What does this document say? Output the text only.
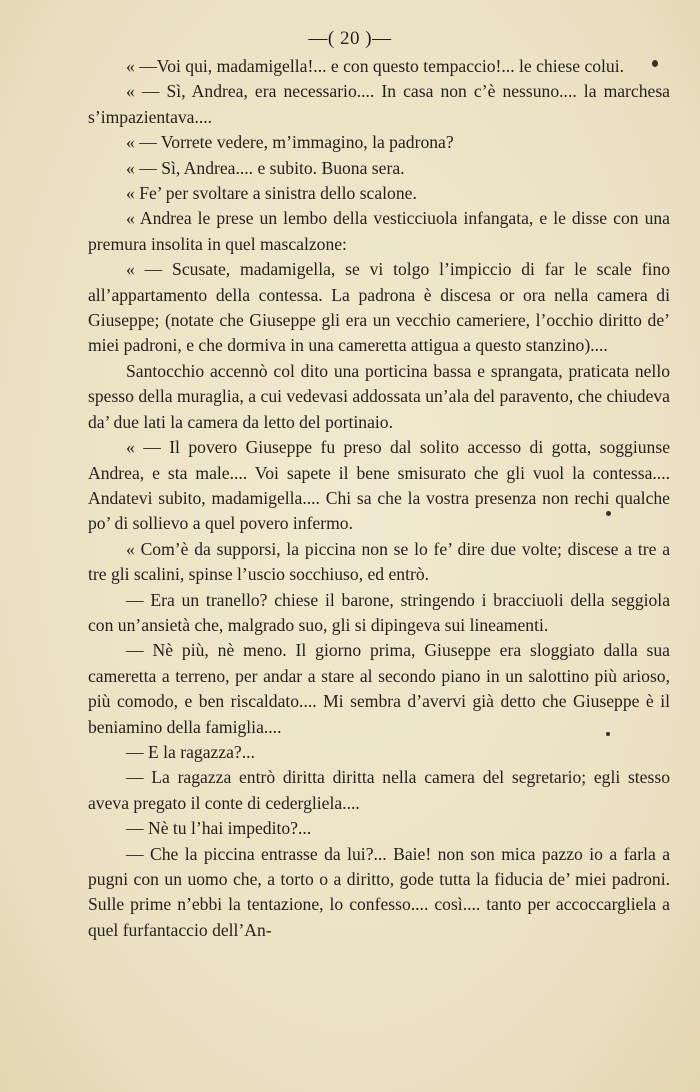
—( 20 )—

« —Voi qui, madamigella!... e con questo tempaccio!... le chiese colui.

« — Sì, Andrea, era necessario.... In casa non c’è nessuno.... la marchesa s’impazientava....

« — Vorrete vedere, m’immagino, la padrona?

« — Sì, Andrea.... e subito. Buona sera.

« Fe’ per svoltare a sinistra dello scalone.

« Andrea le prese un lembo della vesticciuola infangata, e le disse con una premura insolita in quel mascalzone:

« — Scusate, madamigella, se vi tolgo l’impiccio di far le scale fino all’appartamento della contessa. La padrona è discesa or ora nella camera di Giuseppe; (notate che Giuseppe gli era un vecchio cameriere, l’occhio diritto de’ miei padroni, e che dormiva in una cameretta attigua a questo stanzino)....

Santocchio accennò col dito una porticina bassa e sprangata, praticata nello spesso della muraglia, a cui vedevasi addossata un’ala del paravento, che chiudeva da’ due lati la camera da letto del portinaio.

« — Il povero Giuseppe fu preso dal solito accesso di gotta, soggiunse Andrea, e sta male.... Voi sapete il bene smisurato che gli vuol la contessa.... Andatevi subito, madamigella.... Chi sa che la vostra presenza non rechi qualche po’ di sollievo a quel povero infermo.

« Com’è da supporsi, la piccina non se lo fe’ dire due volte; discese a tre a tre gli scalini, spinse l’uscio socchiuso, ed entrò.

— Era un tranello? chiese il barone, stringendo i bracciuoli della seggiola con un’ansietà che, malgrado suo, gli si dipingeva sui lineamenti.

— Nè più, nè meno. Il giorno prima, Giuseppe era sloggiato dalla sua cameretta a terreno, per andar a stare al secondo piano in un salottino più arioso, più comodo, e ben riscaldato.... Mi sembra d’avervi già detto che Giuseppe è il beniamino della famiglia....

— E la ragazza?...

— La ragazza entrò diritta diritta nella camera del segretario; egli stesso aveva pregato il conte di cedergliela....

— Nè tu l’hai impedito?...

— Che la piccina entrasse da lui?... Baie! non son mica pazzo io a farla a pugni con un uomo che, a torto o a diritto, gode tutta la fiducia de’ miei padroni. Sulle prime n’ebbi la tentazione, lo confesso.... così.... tanto per accoccargliela a quel furfantaccio dell’An-
